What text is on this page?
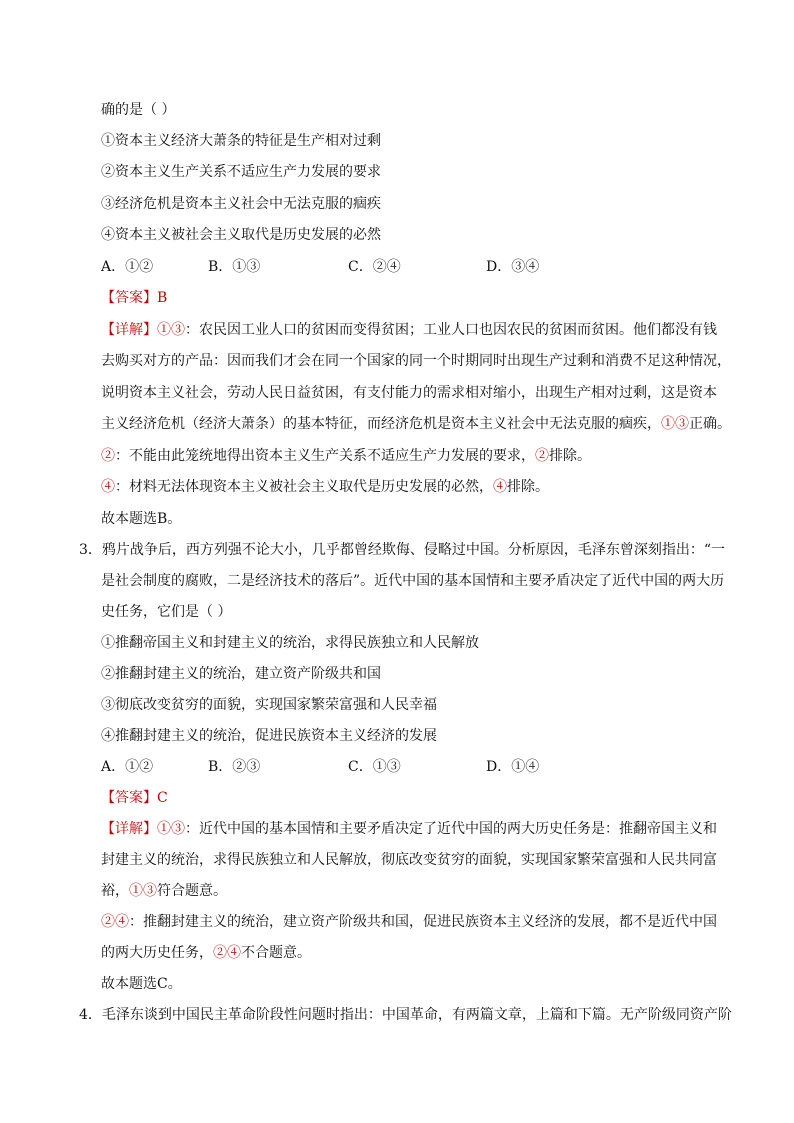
确的是（ ）
①资本主义经济大萧条的特征是生产相对过剩
②资本主义生产关系不适应生产力发展的要求
③经济危机是资本主义社会中无法克服的痼疾
④资本主义被社会主义取代是历史发展的必然
A．①②	B．①③	C．②④	D．③④
【答案】B
【详解】①③：农民因工业人口的贫困而变得贫困；工业人口也因农民的贫困而贫困。他们都没有钱
去购买对方的产品：因而我们才会在同一个国家的同一个时期同时出现生产过剩和消费不足这种情况，
说明资本主义社会，劳动人民日益贫困，有支付能力的需求相对缩小，出现生产相对过剩，这是资本
主义经济危机（经济大萧条）的基本特征，而经济危机是资本主义社会中无法克服的痼疾，①③正确。
②：不能由此笼统地得出资本主义生产关系不适应生产力发展的要求，②排除。
④：材料无法体现资本主义被社会主义取代是历史发展的必然，④排除。
故本题选B。
3．鸦片战争后，西方列强不论大小，几乎都曾经欺侮、侵略过中国。分析原因，毛泽东曾深刻指出：“一
是社会制度的腐败，二是经济技术的落后”。近代中国的基本国情和主要矛盾决定了近代中国的两大历
史任务，它们是（ ）
①推翻帝国主义和封建主义的统治，求得民族独立和人民解放
②推翻封建主义的统治，建立资产阶级共和国
③彻底改变贫穷的面貌，实现国家繁荣富强和人民幸福
④推翻封建主义的统治，促进民族资本主义经济的发展
A．①②	B．②③	C．①③	D．①④
【答案】C
【详解】①③：近代中国的基本国情和主要矛盾决定了近代中国的两大历史任务是：推翻帝国主义和
封建主义的统治，求得民族独立和人民解放，彻底改变贫穷的面貌，实现国家繁荣富强和人民共同富
裕，①③符合题意。
②④：推翻封建主义的统治，建立资产阶级共和国，促进民族资本主义经济的发展，都不是近代中国
的两大历史任务，②④不合题意。
故本题选C。
4．毛泽东谈到中国民主革命阶段性问题时指出：中国革命，有两篇文章，上篇和下篇。无产阶级同资产阶
